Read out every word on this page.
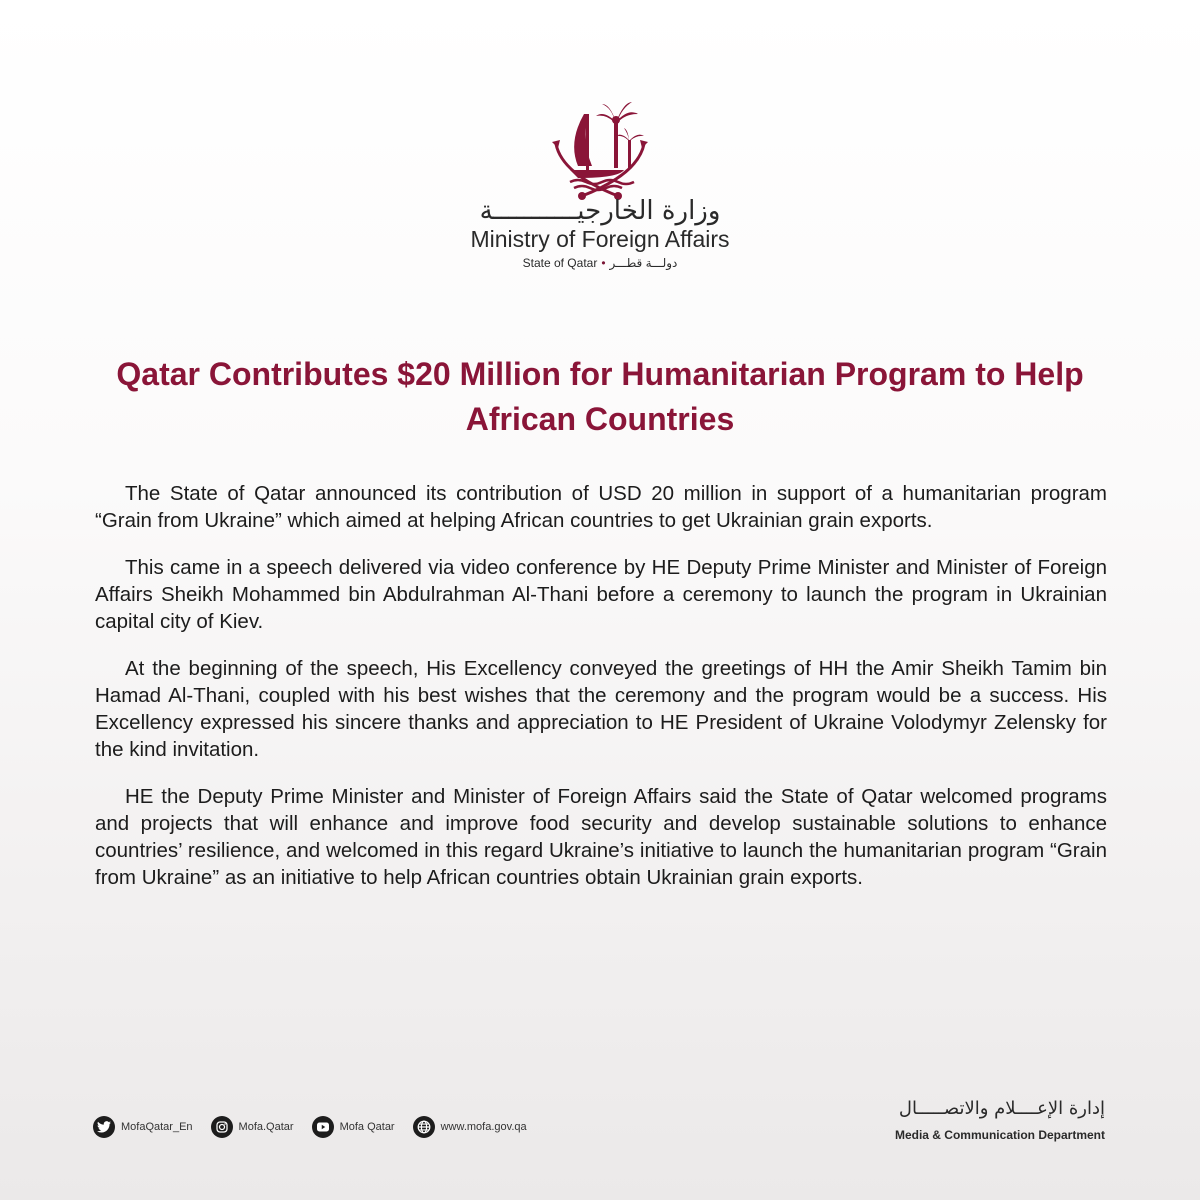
وزارة الخارجيـــــــــــة
Ministry of Foreign Affairs
State of Qatar • دولـــة قطـــر
Qatar Contributes $20 Million for Humanitarian Program to Help African Countries

The State of Qatar announced its contribution of USD 20 million in support of a humanitarian program “Grain from Ukraine” which aimed at helping African countries to get Ukrainian grain exports.

This came in a speech delivered via video conference by HE Deputy Prime Minister and Minister of Foreign Affairs Sheikh Mohammed bin Abdulrahman Al-Thani before a ceremony to launch the program in Ukrainian capital city of Kiev.

At the beginning of the speech, His Excellency conveyed the greetings of HH the Amir Sheikh Tamim bin Hamad Al-Thani, coupled with his best wishes that the ceremony and the program would be a success. His Excellency expressed his sincere thanks and appreciation to HE President of Ukraine Volodymyr Zelensky for the kind invitation.

HE the Deputy Prime Minister and Minister of Foreign Affairs said the State of Qatar welcomed programs and projects that will enhance and improve food security and develop sustainable solutions to enhance countries’ resilience, and welcomed in this regard Ukraine’s initiative to launch the humanitarian program “Grain from Ukraine” as an initiative to help African countries obtain Ukrainian grain exports.

MofaQatar_En	Mofa.Qatar	Mofa Qatar	www.mofa.gov.qa
إدارة الإعــــلام والاتصـــــال
Media & Communication Department
